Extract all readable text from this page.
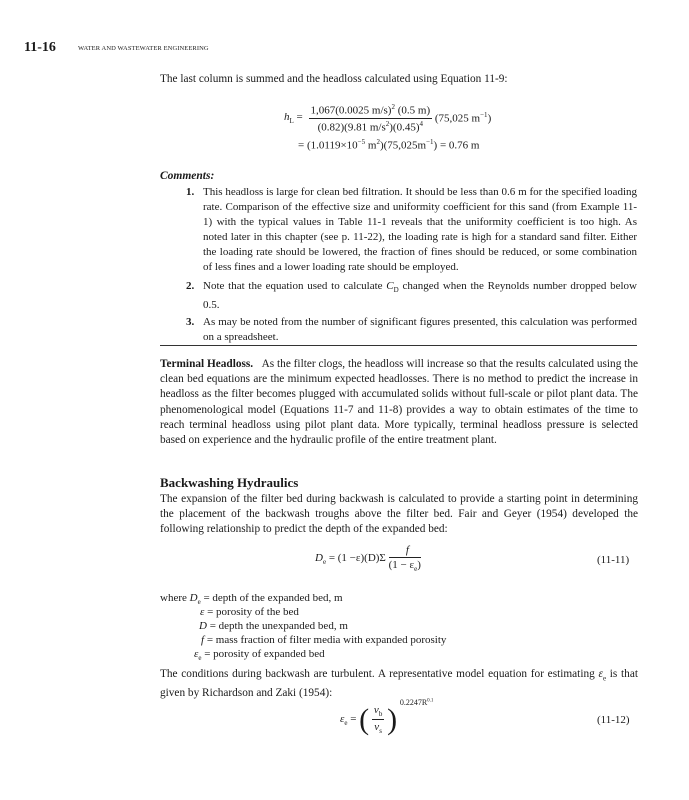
11-16	WATER AND WASTEWATER ENGINEERING
The last column is summed and the headloss calculated using Equation 11-9:
$h_L = \frac{1,067(0.0025 m/s)^2 (0.5 m)}{(0.82)(9.81 m/s^2)(0.45)^4} (75,025$ $m^{-1}$)
= ($1.0119\times 10^{-5}$ $m^2)(75,025m^{-1}) = 0.76$ m
Comments:
1. This headloss is large for clean bed filtration. It should be less than 0.6 m for the specified loading rate. Comparison of the effective size and uniformity coefficient for this sand (from Example 11-1) with the typical values in Table 11-1 reveals that the uniformity coefficient is too high. As noted later in this chapter (see p. 11-22), the loading rate is high for a standard sand filter. Either the loading rate should be lowered, the fraction of fines should be reduced, or some combination of less fines and a lower loading rate should be employed.
2. Note that the equation used to calculate $C_D$ changed when the Reynolds number dropped below 0.5.
3. As may be noted from the number of significant figures presented, this calculation was performed on a spreadsheet.
Terminal Headloss. As the filter clogs, the headloss will increase so that the results calculated using the clean bed equations are the minimum expected headlosses. There is no method to predict the increase in headloss as the filter becomes plugged with accumulated solids without full-scale or pilot plant data. The phenomenological model (Equations 11-7 and 11-8) provides a way to obtain estimates of the time to reach terminal headloss using pilot plant data. More typically, terminal headloss pressure is selected based on experience and the hydraulic profile of the entire treatment plant.
Backwashing Hydraulics
The expansion of the filter bed during backwash is calculated to provide a starting point in determining the placement of the backwash troughs above the filter bed. Fair and Geyer (1954) developed the following relationship to predict the depth of the expanded bed:
$D_e = (1 -\varepsilon)(D)\Sigma \frac{f}{(1 - \varepsilon_e)}$	(11-11)
where $D_e$ = depth of the expanded bed, m
ε = porosity of the bed
D = depth the unexpanded bed, m
f = mass fraction of filter media with expanded porosity
$\varepsilon_e$ = porosity of expanded bed
The conditions during backwash are turbulent. A representative model equation for estimating $\varepsilon_e$ is that given by Richardson and Zaki (1954):
$\varepsilon_e$ = ( $\frac{v_b}{v_s}$ ) $0.2247R^{0.1}$
(11-12)
